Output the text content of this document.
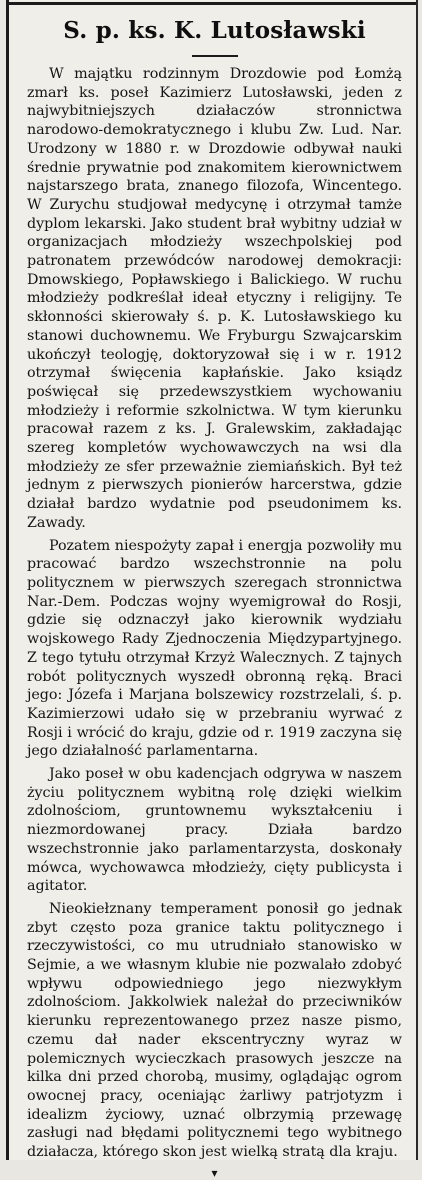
S. p. ks. K. Lutosławski

W majątku rodzinnym Drozdowie pod Łomżą zmarł ks. poseł Kazimierz Lutosławski, jeden z najwybitniejszych działaczów stronnictwa narodowo-demokratycznego i klubu Zw. Lud. Nar. Urodzony w 1880 r. w Drozdowie odbywał nauki średnie prywatnie pod znakomitem kierownictwem najstarszego brata, znanego filozofa, Wincentego. W Zurychu studjował medycynę i otrzymał tamże dyplom lekarski. Jako student brał wybitny udział w organizacjach młodzieży wszechpolskiej pod patronatem przewódców narodowej demokracji: Dmowskiego, Popławskiego i Balickiego. W ruchu młodzieży podkreślał ideał etyczny i religijny. Te skłonności skierowały ś. p. K. Lutosławskiego ku stanowi duchownemu. We Fryburgu Szwajcarskim ukończył teologję, doktoryzował się i w r. 1912 otrzymał święcenia kapłańskie. Jako ksiądz poświęcał się przedewszystkiem wychowaniu młodzieży i reformie szkolnictwa. W tym kierunku pracował razem z ks. J. Gralewskim, zakładając szereg kompletów wychowawczych na wsi dla młodzieży ze sfer przeważnie ziemiańskich. Był też jednym z pierwszych pionierów harcerstwa, gdzie działał bardzo wydatnie pod pseudonimem ks. Zawady.

Pozatem niespożyty zapał i energja pozwoliły mu pracować bardzo wszechstronnie na polu politycznem w pierwszych szeregach stronnictwa Nar.-Dem. Podczas wojny wyemigrował do Rosji, gdzie się odznaczył jako kierownik wydziału wojskowego Rady Zjednoczenia Międzypartyjnego. Z tego tytułu otrzymał Krzyż Walecznych. Z tajnych robót politycznych wyszedł obronną ręką. Braci jego: Józefa i Marjana bolszewicy rozstrzelali, ś. p. Kazimierzowi udało się w przebraniu wyrwać z Rosji i wrócić do kraju, gdzie od r. 1919 zaczyna się jego działalność parlamentarna.

Jako poseł w obu kadencjach odgrywa w naszem życiu politycznem wybitną rolę dzięki wielkim zdolnościom, gruntownemu wykształceniu i niezmordowanej pracy. Działa bardzo wszechstronnie jako parlamentarzysta, doskonały mówca, wychowawca młodzieży, cięty publicysta i agitator.

Nieokiełznany temperament ponosił go jednak zbyt często poza granice taktu politycznego i rzeczywistości, co mu utrudniało stanowisko w Sejmie, a we własnym klubie nie pozwalało zdobyć wpływu odpowiedniego jego niezwykłym zdolnościom. Jakkolwiek należał do przeciwników kierunku reprezentowanego przez nasze pismo, czemu dał nader ekscentryczny wyraz w polemicznych wycieczkach prasowych jeszcze na kilka dni przed chorobą, musimy, oglądając ogrom owocnej pracy, oceniając żarliwy patrjotyzm i idealizm życiowy, uznać olbrzymią przewagę zasługi nad błędami politycznemi tego wybitnego działacza, którego skon jest wielką stratą dla kraju.

▾
